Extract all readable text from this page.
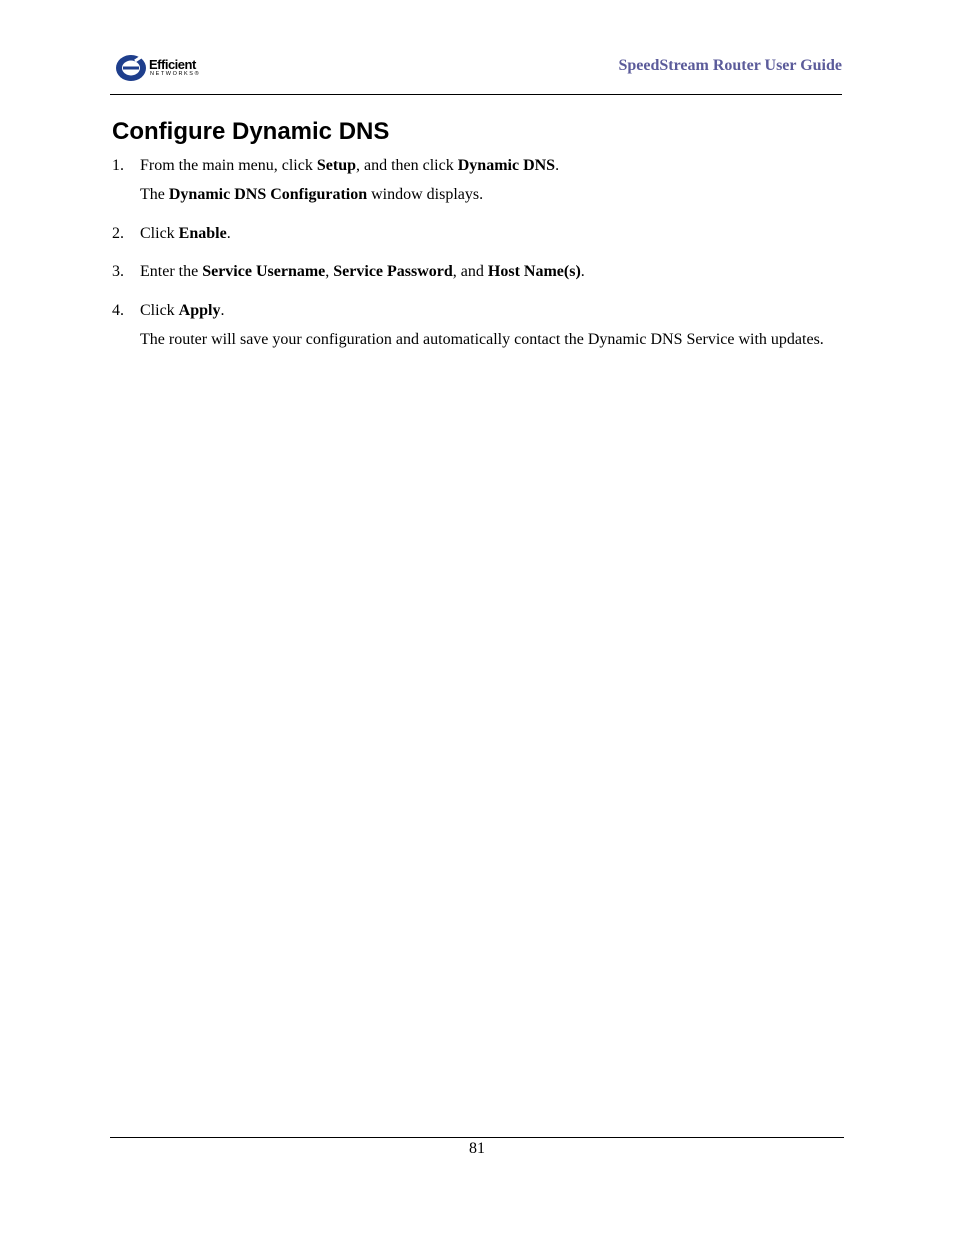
Efficient
NETWORKS®	SpeedStream Router User Guide
Configure Dynamic DNS
1. From the main menu, click Setup, and then click Dynamic DNS.
The Dynamic DNS Configuration window displays.
2. Click Enable.
3. Enter the Service Username, Service Password, and Host Name(s).
4. Click Apply.
The router will save your configuration and automatically contact the Dynamic DNS Service with updates.
81
